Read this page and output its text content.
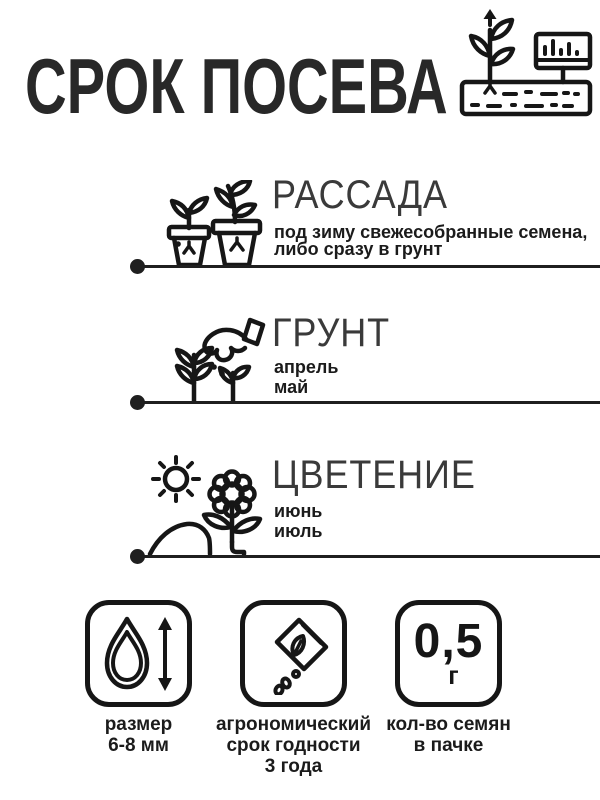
СРОК ПОСЕВА
РАССАДА
под зиму свежесобранные семена,
либо сразу в грунт
ГРУНТ
апрель
май
ЦВЕТЕНИЕ
июнь
июль
размер
6-8 мм
агрономический
срок годности
3 года
0,5
г
кол-во семян
в пачке
